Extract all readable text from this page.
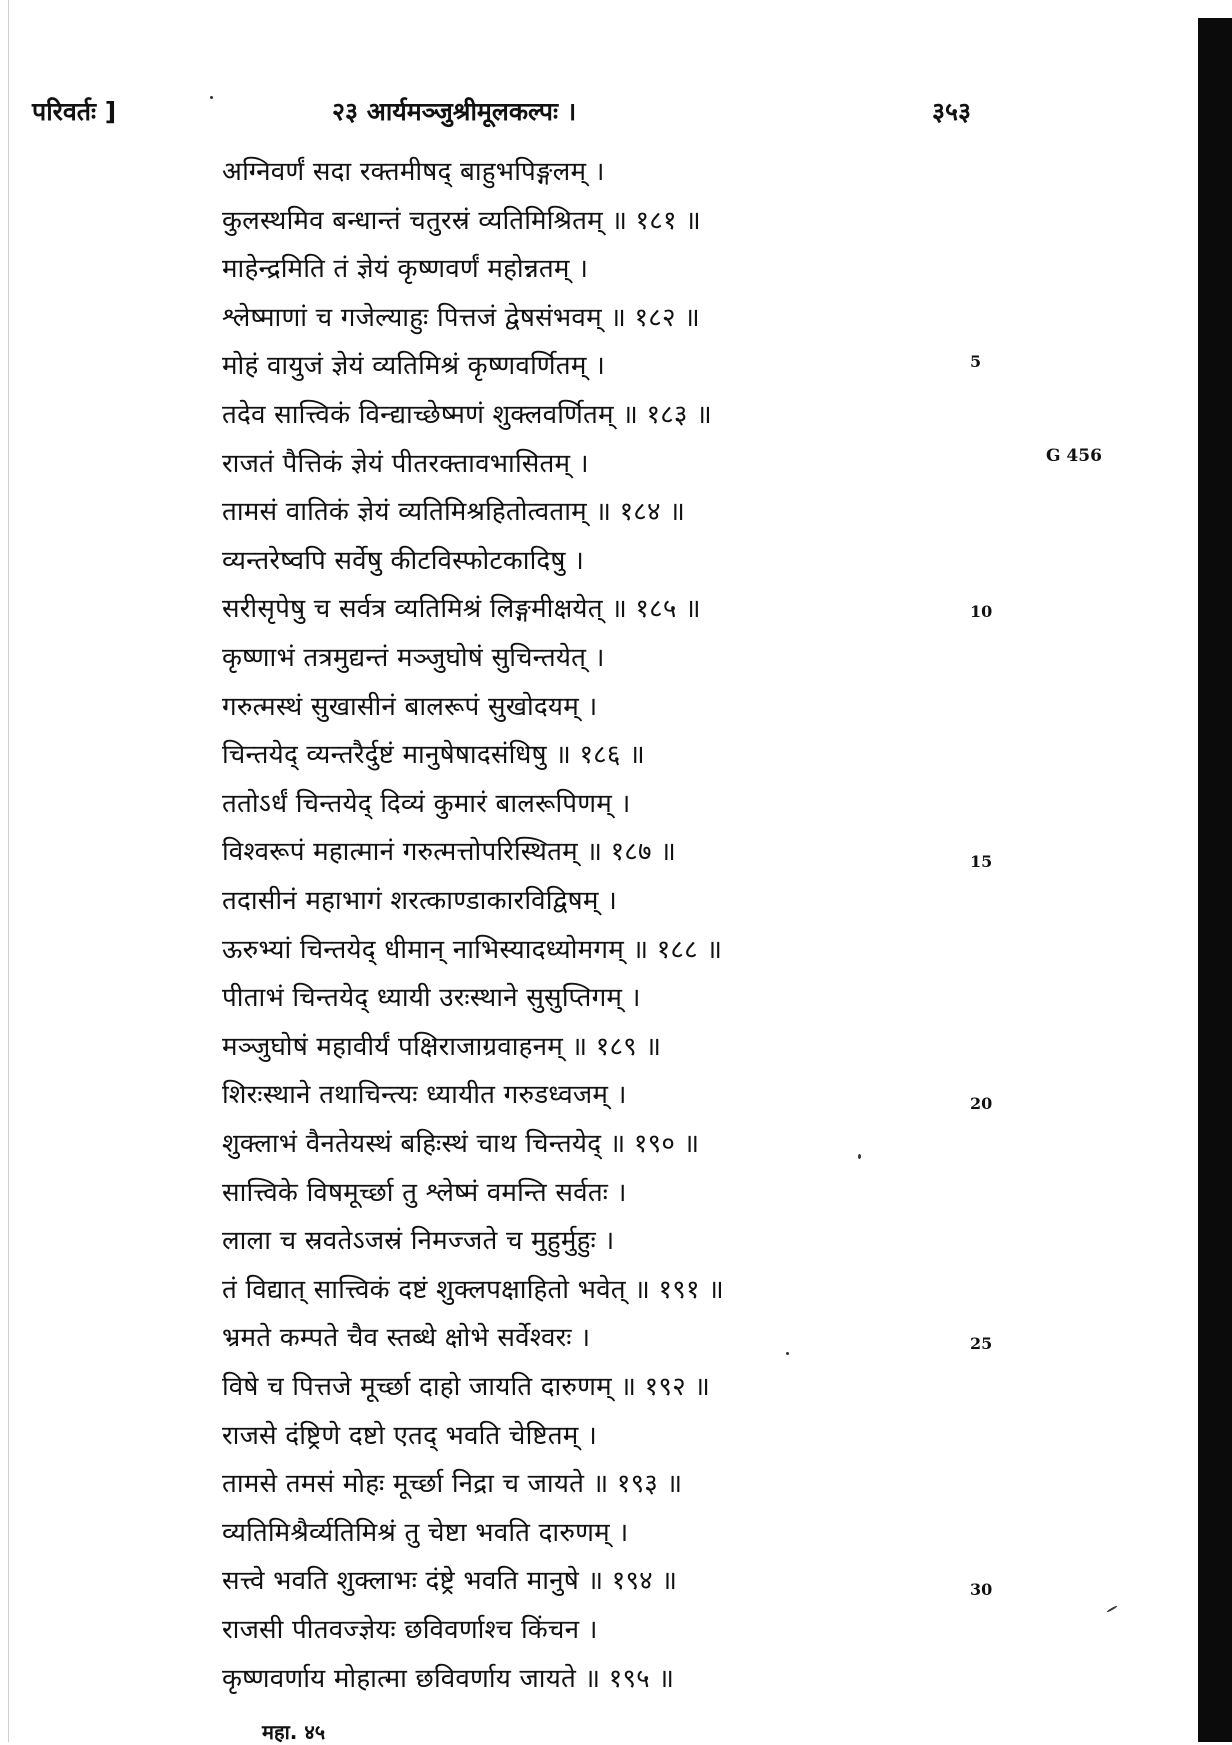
परिवर्तः ]	२३ आर्यमञ्जुश्रीमूलकल्पः ।	३५३
अग्निवर्णं सदा रक्तमीषद् बाहुभपिङ्गलम् ।
कुलस्थमिव बन्धान्तं चतुरस्रं व्यतिमिश्रितम् ॥ १८१ ॥
माहेन्द्रमिति तं ज्ञेयं कृष्णवर्णं महोन्नतम् ।
श्लेष्माणां च गजेल्याहुः पित्तजं द्वेषसंभवम् ॥ १८२ ॥
मोहं वायुजं ज्ञेयं व्यतिमिश्रं कृष्णवर्णितम् ।
तदेव सात्त्विकं विन्द्याच्छेष्मणं शुक्लवर्णितम् ॥ १८३ ॥
राजतं पैत्तिकं ज्ञेयं पीतरक्तावभासितम् ।
तामसं वातिकं ज्ञेयं व्यतिमिश्रहितोत्वताम् ॥ १८४ ॥
व्यन्तरेष्वपि सर्वेषु कीटविस्फोटकादिषु ।
सरीसृपेषु च सर्वत्र व्यतिमिश्रं लिङ्गमीक्षयेत् ॥ १८५ ॥
कृष्णाभं तत्रमुद्यन्तं मञ्जुघोषं सुचिन्तयेत् ।
गरुत्मस्थं सुखासीनं बालरूपं सुखोदयम् ।
चिन्तयेद् व्यन्तरैर्दुष्टं मानुषेषादसंधिषु ॥ १८६ ॥
ततोऽर्धं चिन्तयेद् दिव्यं कुमारं बालरूपिणम् ।
विश्वरूपं महात्मानं गरुत्मत्तोपरिस्थितम् ॥ १८७ ॥
तदासीनं महाभागं शरत्काण्डाकारविद्विषम् ।
ऊरुभ्यां चिन्तयेद् धीमान् नाभिस्यादध्योमगम् ॥ १८८ ॥
पीताभं चिन्तयेद् ध्यायी उरःस्थाने सुसुप्तिगम् ।
मञ्जुघोषं महावीर्यं पक्षिराजाग्रवाहनम् ॥ १८९ ॥
शिरःस्थाने तथाचिन्त्यः ध्यायीत गरुडध्वजम् ।
शुक्लाभं वैनतेयस्थं बहिःस्थं चाथ चिन्तयेद् ॥ १९० ॥
सात्त्विके विषमूर्च्छा तु श्लेष्मं वमन्ति सर्वतः ।
लाला च स्रवतेऽजस्रं निमज्जते च मुहुर्मुहुः ।
तं विद्यात् सात्त्विकं दष्टं शुक्लपक्षाहितो भवेत् ॥ १९१ ॥
भ्रमते कम्पते चैव स्तब्धे क्षोभे सर्वेश्वरः ।
विषे च पित्तजे मूर्च्छा दाहो जायति दारुणम् ॥ १९२ ॥
राजसे दंष्ट्रिणे दष्टो एतद् भवति चेष्टितम् ।
तामसे तमसं मोहः मूर्च्छा निद्रा च जायते ॥ १९३ ॥
व्यतिमिश्रैर्व्यतिमिश्रं तु चेष्टा भवति दारुणम् ।
सत्त्वे भवति शुक्लाभः दंष्ट्रे भवति मानुषे ॥ १९४ ॥
राजसी पीतवज्ज्ञेयः छविवर्णाश्च किंचन ।
कृष्णवर्णाय मोहात्मा छविवर्णाय जायते ॥ १९५ ॥
5
10
15
20
25
30
G 456
महा. ४५
